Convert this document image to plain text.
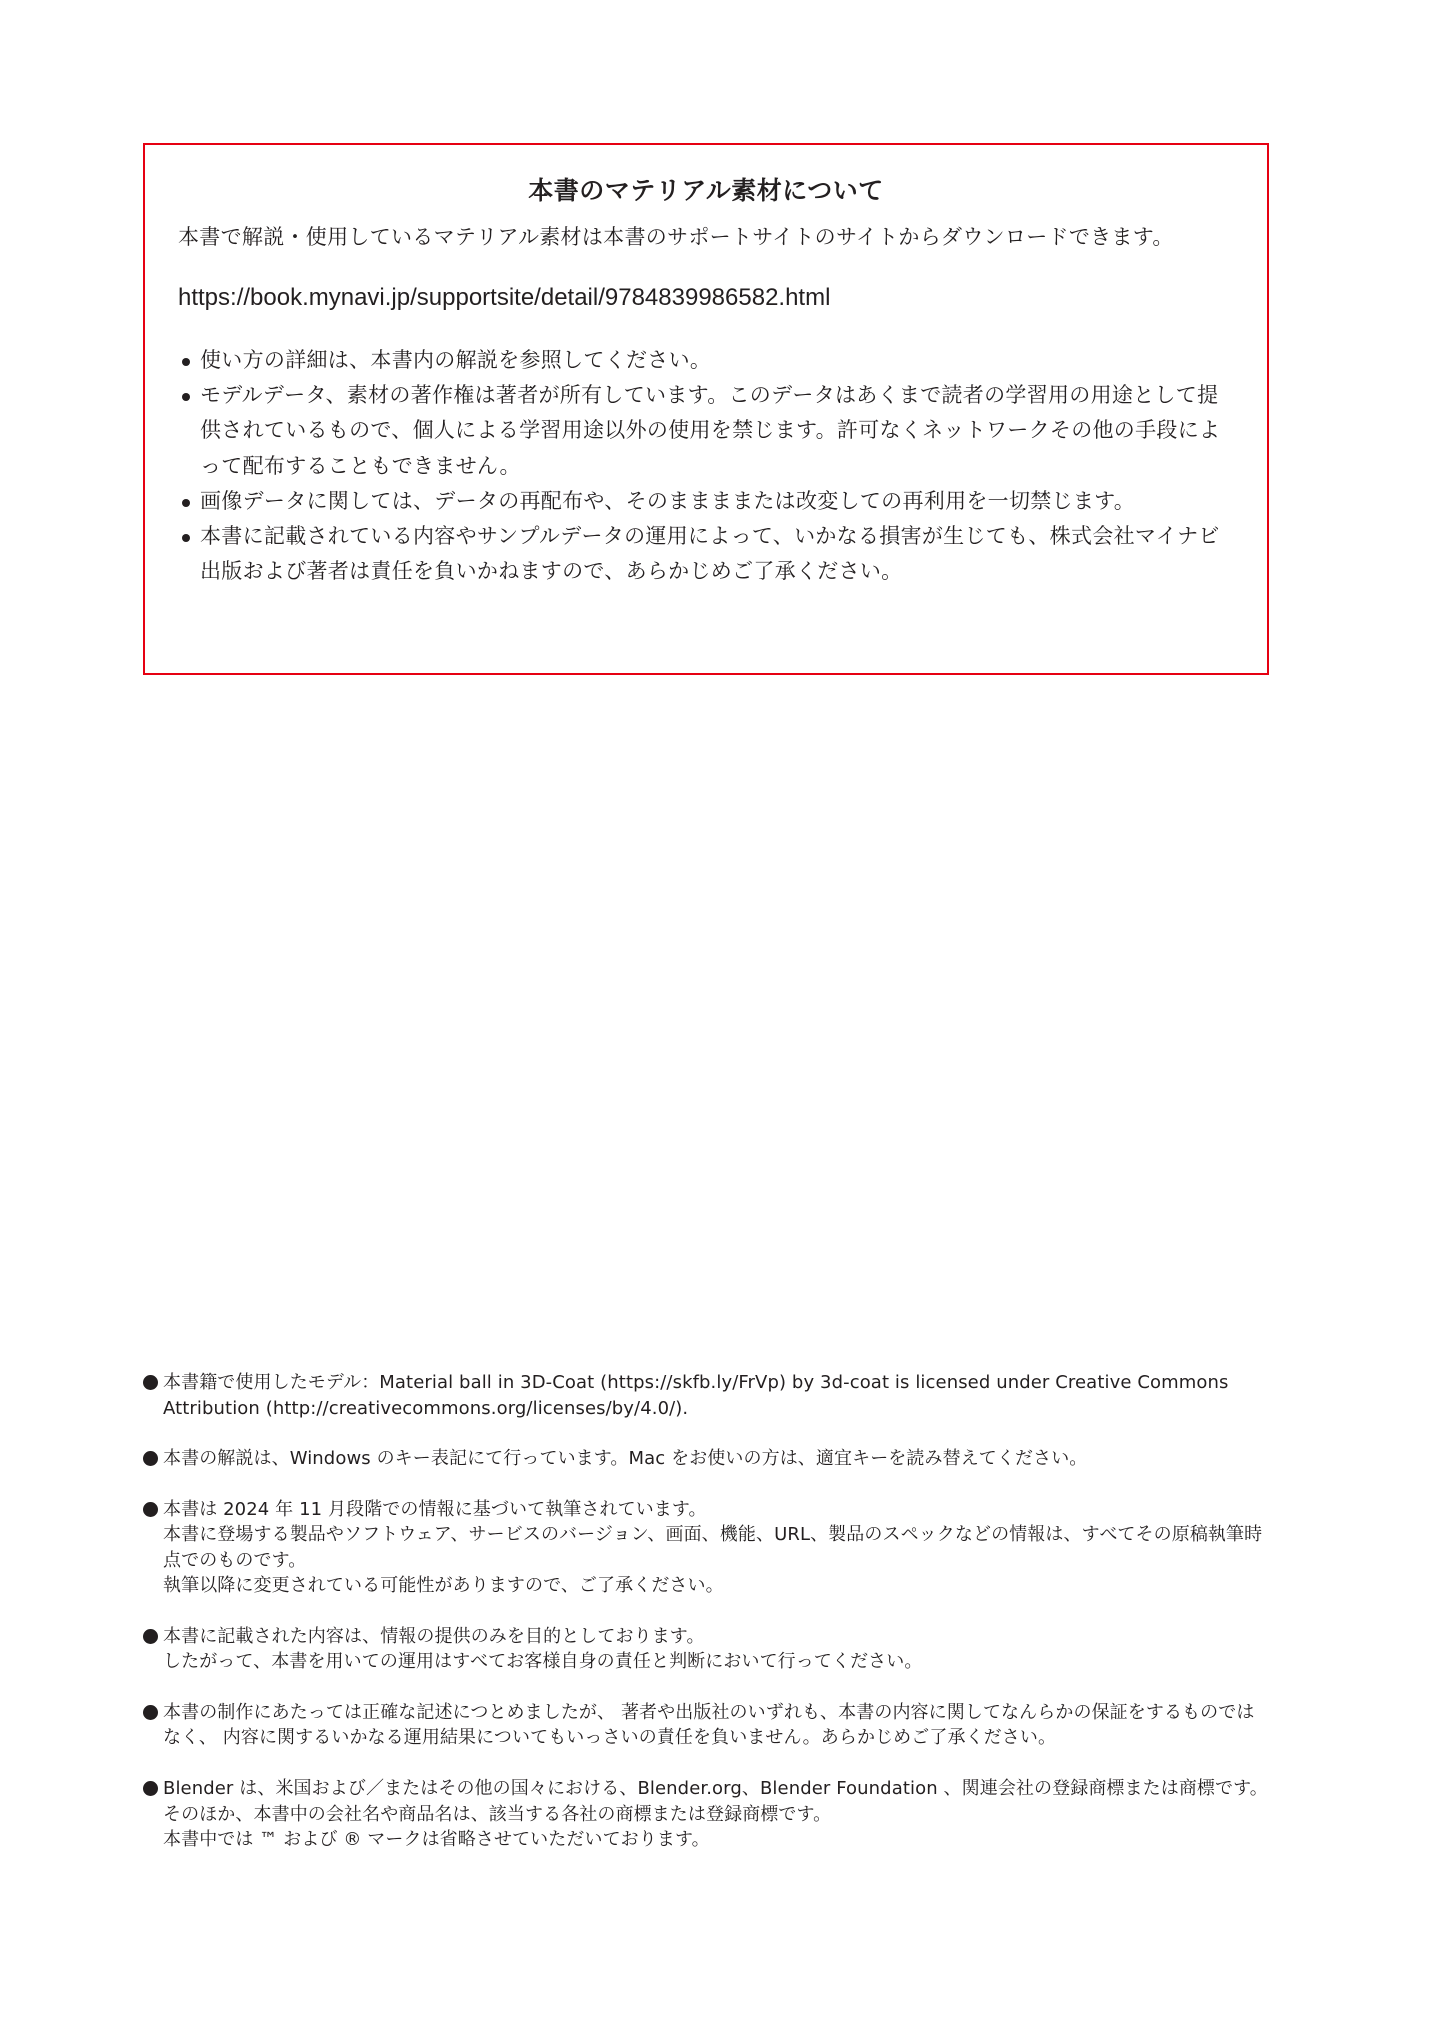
本書のマテリアル素材について

本書で解説・使用しているマテリアル素材は本書のサポートサイトのサイトからダウンロードできます。

https://book.mynavi.jp/supportsite/detail/9784839986582.html
使い方の詳細は、本書内の解説を参照してください。
モデルデータ、素材の著作権は著者が所有しています。このデータはあくまで読者の学習用の用途として提供されているもので、個人による学習用途以外の使用を禁じます。許可なくネットワークその他の手段によって配布することもできません。
画像データに関しては、データの再配布や、そのままままたは改変しての再利用を一切禁じます。
本書に記載されている内容やサンプルデータの運用によって、いかなる損害が生じても、株式会社マイナビ出版および著者は責任を負いかねますので、あらかじめご了承ください。

本書籍で使用したモデル：Material ball in 3D-Coat (https://skfb.ly/FrVp) by 3d-coat is licensed under Creative Commons Attribution (http://creativecommons.org/licenses/by/4.0/).

本書の解説は、Windows のキー表記にて行っています。Mac をお使いの方は、適宜キーを読み替えてください。

本書は 2024 年 11 月段階での情報に基づいて執筆されています。

本書に登場する製品やソフトウェア、サービスのバージョン、画面、機能、URL、製品のスペックなどの情報は、すべてその原稿執筆時点でのものです。

執筆以降に変更されている可能性がありますので、ご了承ください。

本書に記載された内容は、情報の提供のみを目的としております。

したがって、本書を用いての運用はすべてお客様自身の責任と判断において行ってください。

本書の制作にあたっては正確な記述につとめましたが、 著者や出版社のいずれも、本書の内容に関してなんらかの保証をするものではなく、 内容に関するいかなる運用結果についてもいっさいの責任を負いません。あらかじめご了承ください。

Blender は、米国および／またはその他の国々における、Blender.org、Blender Foundation 、関連会社の登録商標または商標です。

そのほか、本書中の会社名や商品名は、該当する各社の商標または登録商標です。

本書中では ™ および ® マークは省略させていただいております。
